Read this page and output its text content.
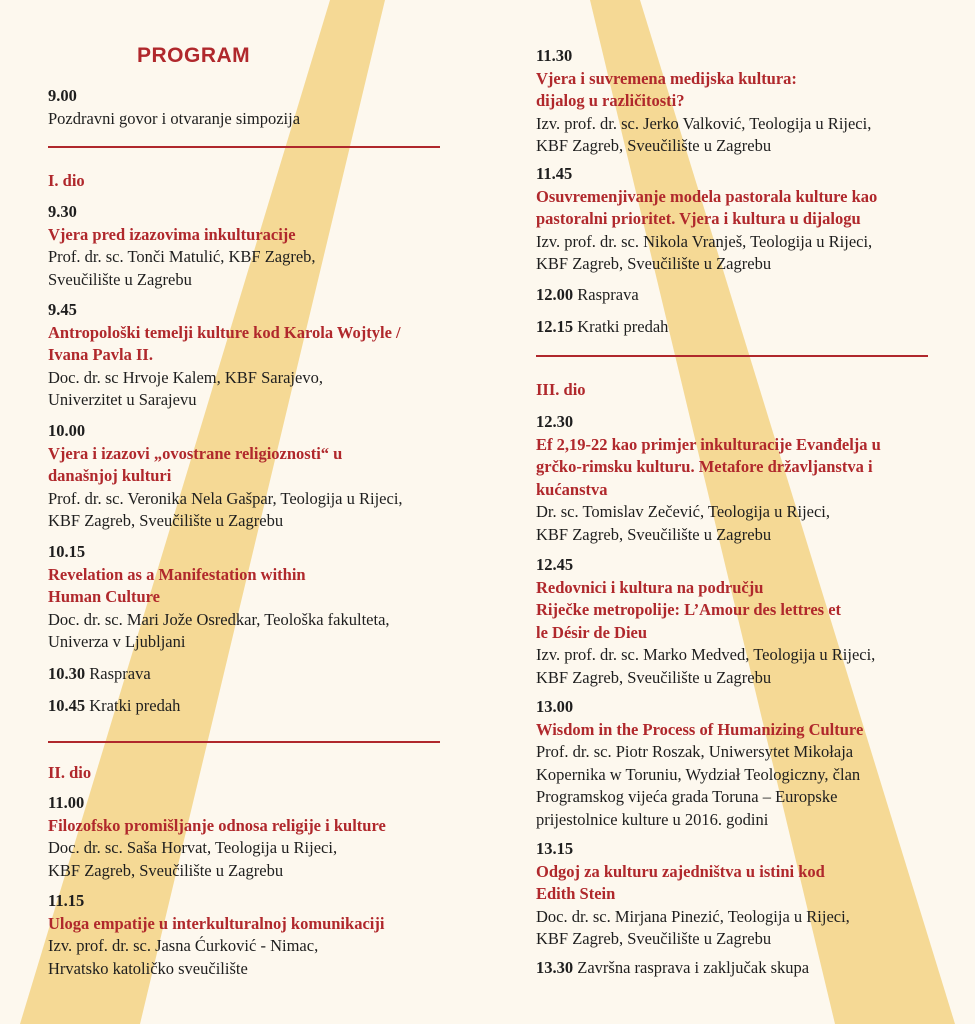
PROGRAM
9.00
Pozdravni govor i otvaranje simpozija
I. dio
9.30
Vjera pred izazovima inkulturacije
Prof. dr. sc. Tonči Matulić, KBF Zagreb,
Sveučilište u Zagrebu
9.45
Antropološki temelji kulture kod Karola Wojtyle /
Ivana Pavla II.
Doc. dr. sc Hrvoje Kalem, KBF Sarajevo,
Univerzitet u Sarajevu
10.00
Vjera i izazovi „ovostrane religioznosti“ u
današnjoj kulturi
Prof. dr. sc. Veronika Nela Gašpar, Teologija u Rijeci,
KBF Zagreb, Sveučilište u Zagrebu
10.15
Revelation as a Manifestation within
Human Culture
Doc. dr. sc. Mari Jože Osredkar, Teološka fakulteta,
Univerza v Ljubljani
10.30 Rasprava
10.45 Kratki predah
II. dio
11.00
Filozofsko promišljanje odnosa religije i kulture
Doc. dr. sc. Saša Horvat, Teologija u Rijeci,
KBF Zagreb, Sveučilište u Zagrebu
11.15
Uloga empatije u interkulturalnoj komunikaciji
Izv. prof. dr. sc. Jasna Ćurković - Nimac,
Hrvatsko katoličko sveučilište
11.30
Vjera i suvremena medijska kultura:
dijalog u različitosti?
Izv. prof. dr. sc. Jerko Valković, Teologija u Rijeci,
KBF Zagreb, Sveučilište u Zagrebu
11.45
Osuvremenjivanje modela pastorala kulture kao
pastoralni prioritet. Vjera i kultura u dijalogu
Izv. prof. dr. sc. Nikola Vranješ, Teologija u Rijeci,
KBF Zagreb, Sveučilište u Zagrebu
12.00 Rasprava
12.15 Kratki predah
III. dio
12.30
Ef 2,19-22 kao primjer inkulturacije Evanđelja u
grčko-rimsku kulturu. Metafore državljanstva i
kućanstva
Dr. sc. Tomislav Zečević, Teologija u Rijeci,
KBF Zagreb, Sveučilište u Zagrebu
12.45
Redovnici i kultura na području
Riječke metropolije: L’Amour des lettres et
le Désir de Dieu
Izv. prof. dr. sc. Marko Medved, Teologija u Rijeci,
KBF Zagreb, Sveučilište u Zagrebu
13.00
Wisdom in the Process of Humanizing Culture
Prof. dr. sc. Piotr Roszak, Uniwersytet Mikołaja
Kopernika w Toruniu, Wydział Teologiczny, član
Programskog vijeća grada Toruna – Europske
prijestolnice kulture u 2016. godini
13.15
Odgoj za kulturu zajedništva u istini kod
Edith Stein
Doc. dr. sc. Mirjana Pinezić, Teologija u Rijeci,
KBF Zagreb, Sveučilište u Zagrebu
13.30 Završna rasprava i zaključak skupa
